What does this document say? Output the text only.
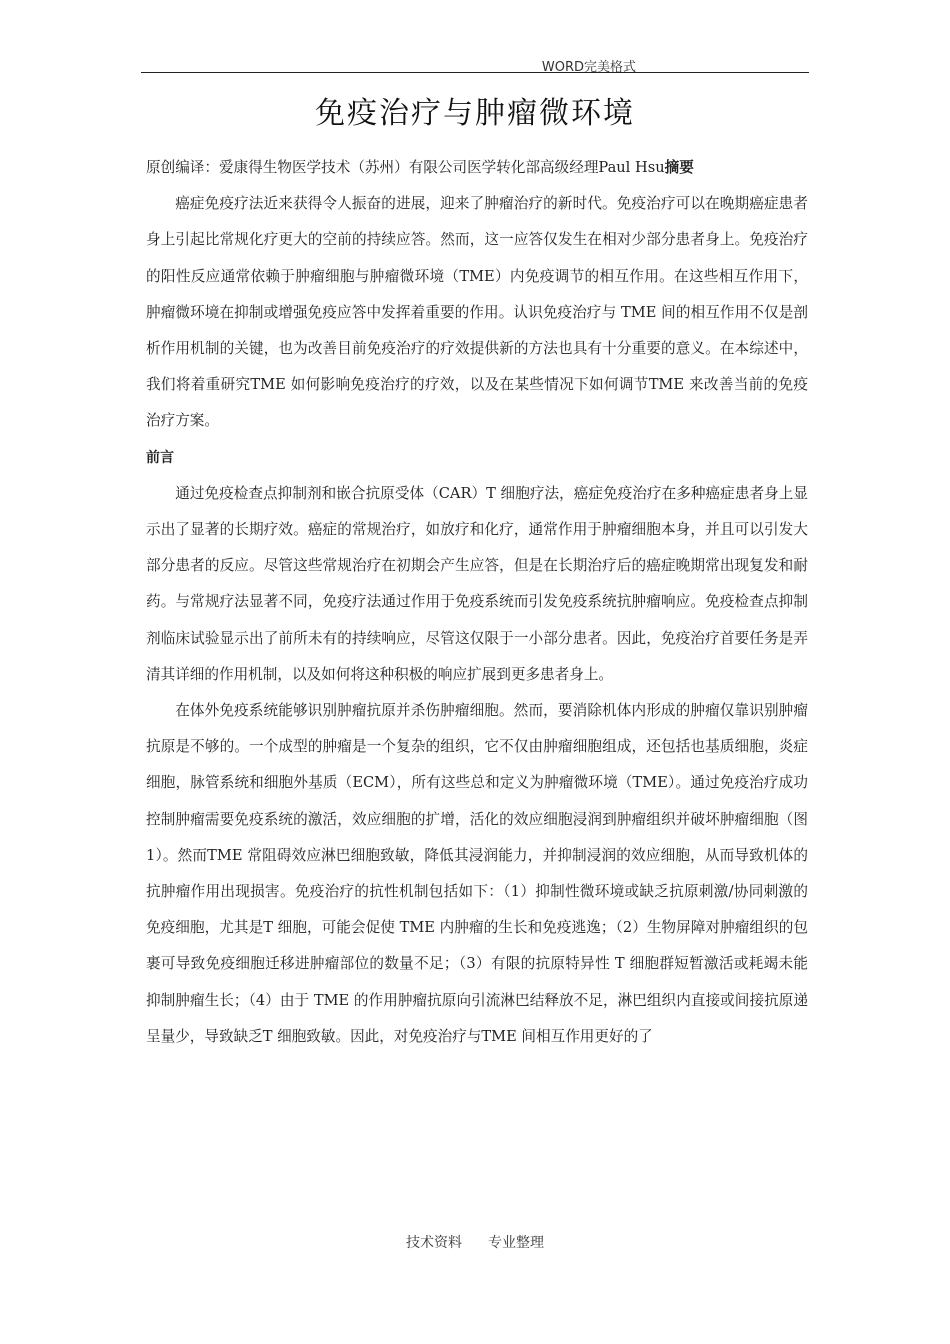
WORD完美格式
免疫治疗与肿瘤微环境

原创编译：爱康得生物医学技术（苏州）有限公司医学转化部高级经理Paul Hsu摘要

癌症免疫疗法近来获得令人振奋的进展，迎来了肿瘤治疗的新时代。免疫治疗可以在晚期癌症患者身上引起比常规化疗更大的空前的持续应答。然而，这一应答仅发生在相对少部分患者身上。免疫治疗的阳性反应通常依赖于肿瘤细胞与肿瘤微环境（TME）内免疫调节的相互作用。在这些相互作用下，肿瘤微环境在抑制或增强免疫应答中发挥着重要的作用。认识免疫治疗与 TME 间的相互作用不仅是剖析作用机制的关键，也为改善目前免疫治疗的疗效提供新的方法也具有十分重要的意义。在本综述中，我们将着重研究TME 如何影响免疫治疗的疗效，以及在某些情况下如何调节TME 来改善当前的免疫治疗方案。

前言

通过免疫检查点抑制剂和嵌合抗原受体（CAR）T 细胞疗法，癌症免疫治疗在多种癌症患者身上显示出了显著的长期疗效。癌症的常规治疗，如放疗和化疗，通常作用于肿瘤细胞本身，并且可以引发大部分患者的反应。尽管这些常规治疗在初期会产生应答，但是在长期治疗后的癌症晚期常出现复发和耐药。与常规疗法显著不同，免疫疗法通过作用于免疫系统而引发免疫系统抗肿瘤响应。免疫检查点抑制剂临床试验显示出了前所未有的持续响应，尽管这仅限于一小部分患者。因此，免疫治疗首要任务是弄清其详细的作用机制，以及如何将这种积极的响应扩展到更多患者身上。

在体外免疫系统能够识别肿瘤抗原并杀伤肿瘤细胞。然而，要消除机体内形成的肿瘤仅靠识别肿瘤抗原是不够的。一个成型的肿瘤是一个复杂的组织，它不仅由肿瘤细胞组成，还包括也基质细胞，炎症细胞，脉管系统和细胞外基质（ECM），所有这些总和定义为肿瘤微环境（TME）。通过免疫治疗成功控制肿瘤需要免疫系统的激活，效应细胞的扩增，活化的效应细胞浸润到肿瘤组织并破坏肿瘤细胞（图1）。然而TME 常阻碍效应淋巴细胞致敏，降低其浸润能力，并抑制浸润的效应细胞，从而导致机体的抗肿瘤作用出现损害。免疫治疗的抗性机制包括如下：（1）抑制性微环境或缺乏抗原刺激/协同刺激的免疫细胞，尤其是T 细胞，可能会促使 TME 内肿瘤的生长和免疫逃逸；（2）生物屏障对肿瘤组织的包裹可导致免疫细胞迁移进肿瘤部位的数量不足；（3）有限的抗原特异性 T 细胞群短暂激活或耗竭未能抑制肿瘤生长；（4）由于 TME 的作用肿瘤抗原向引流淋巴结释放不足，淋巴组织内直接或间接抗原递呈量少，导致缺乏T 细胞致敏。因此，对免疫治疗与TME 间相互作用更好的了

技术资料 专业整理
